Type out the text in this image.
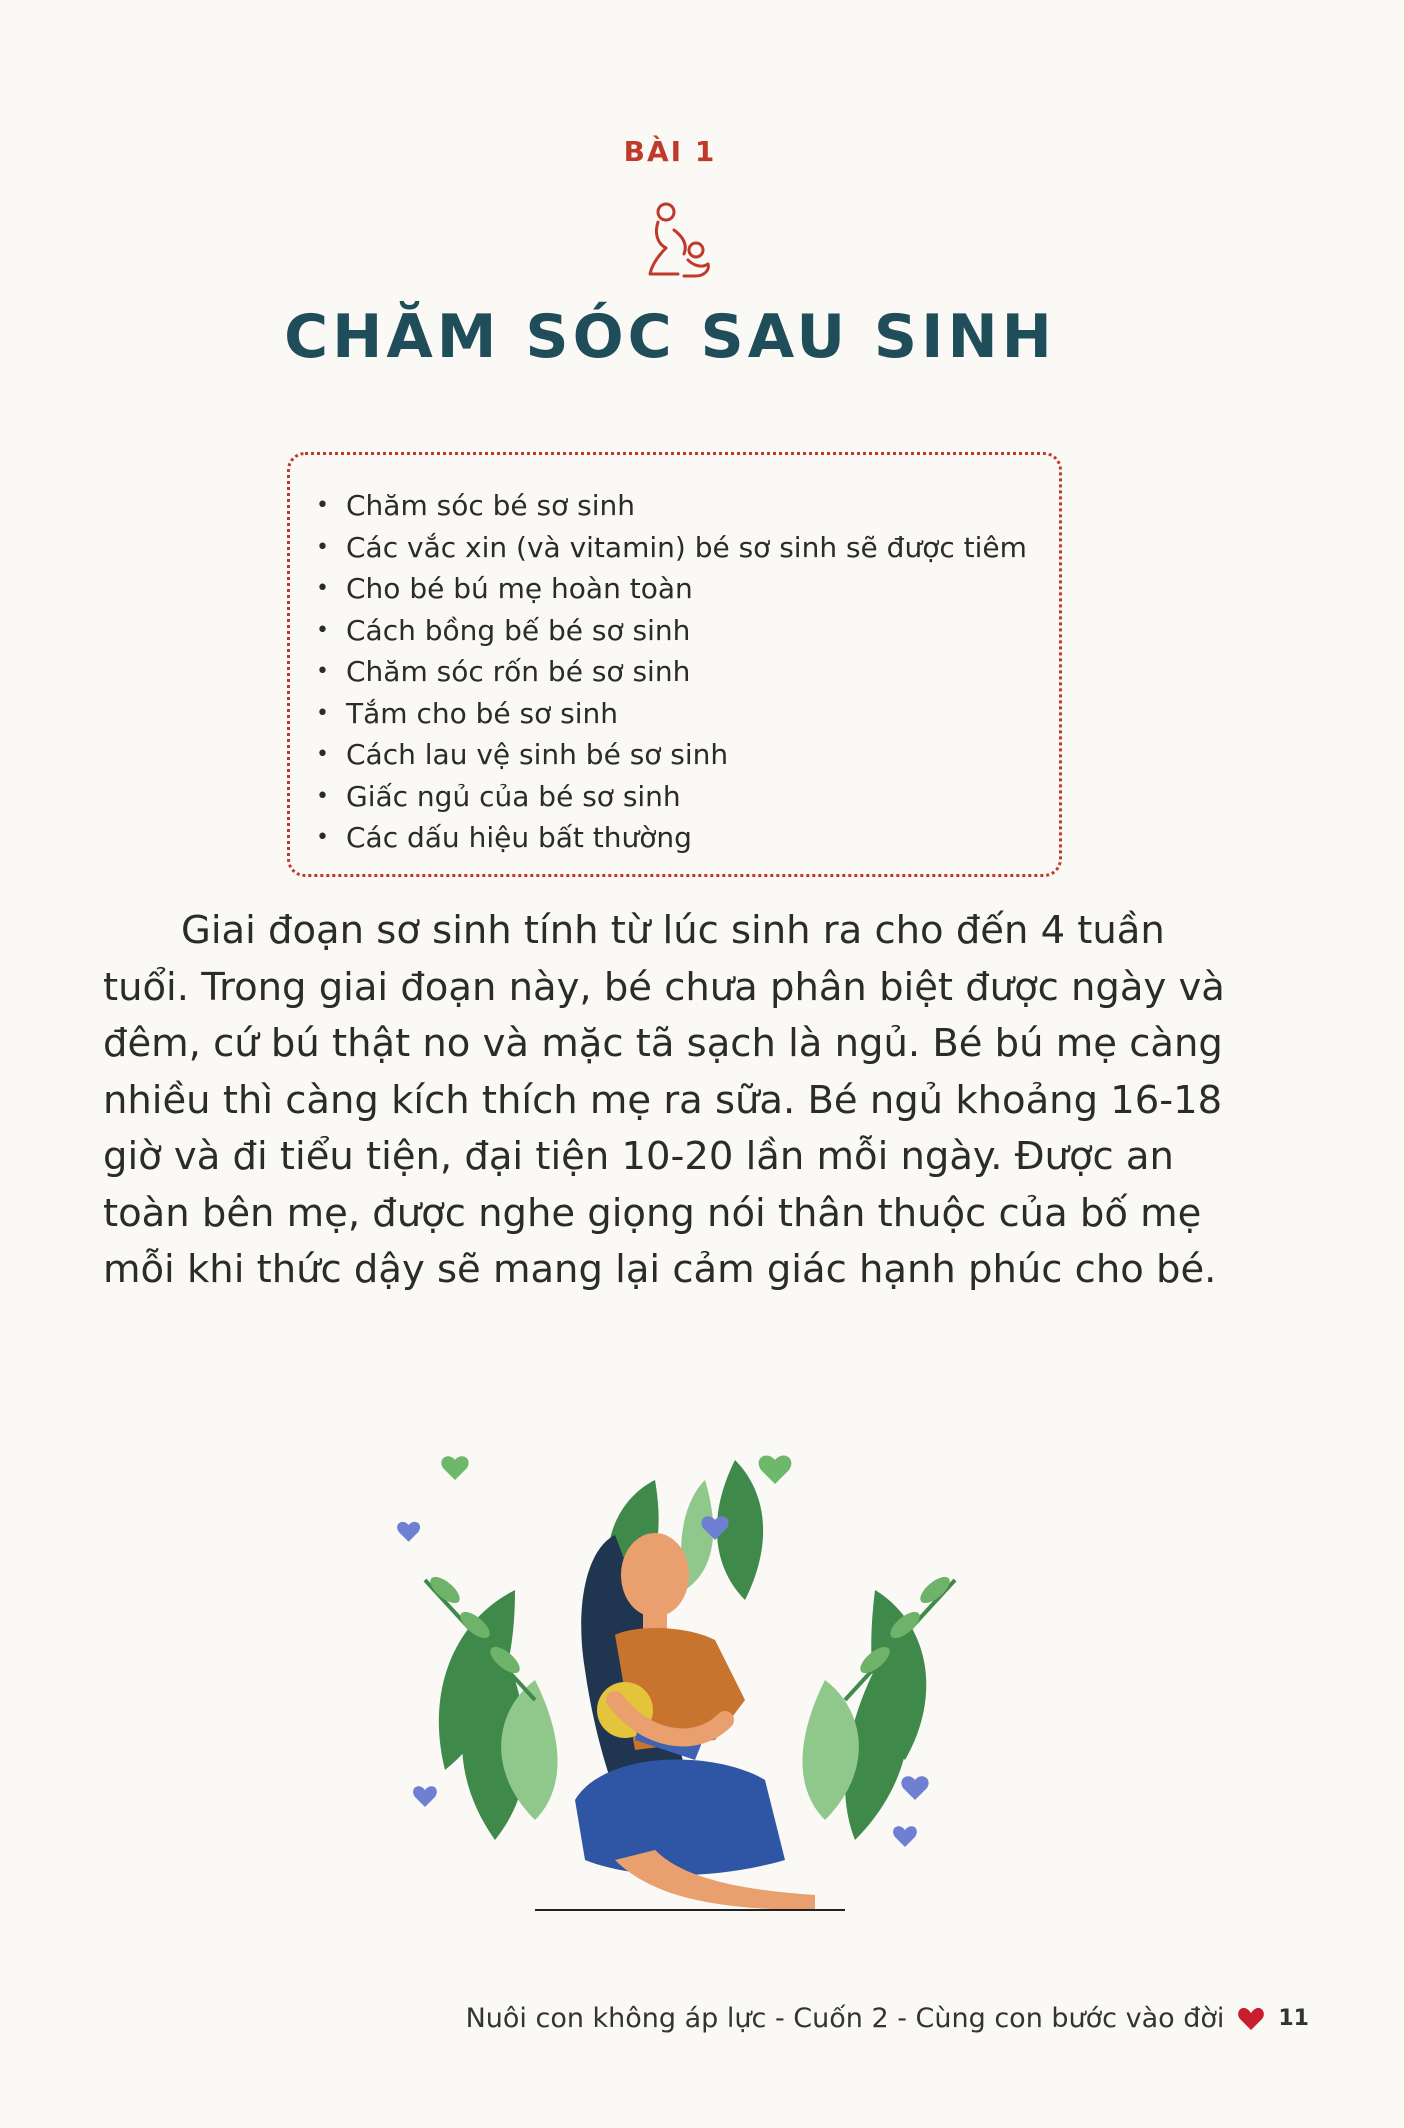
BÀI 1
CHĂM SÓC SAU SINH
• Chăm sóc bé sơ sinh
• Các vắc xin (và vitamin) bé sơ sinh sẽ được tiêm
• Cho bé bú mẹ hoàn toàn
• Cách bồng bế bé sơ sinh
• Chăm sóc rốn bé sơ sinh
• Tắm cho bé sơ sinh
• Cách lau vệ sinh bé sơ sinh
• Giấc ngủ của bé sơ sinh
• Các dấu hiệu bất thường

Giai đoạn sơ sinh tính từ lúc sinh ra cho đến 4 tuần tuổi. Trong giai đoạn này, bé chưa phân biệt được ngày và đêm, cứ bú thật no và mặc tã sạch là ngủ. Bé bú mẹ càng nhiều thì càng kích thích mẹ ra sữa. Bé ngủ khoảng 16-18 giờ và đi tiểu tiện, đại tiện 10-20 lần mỗi ngày. Được an toàn bên mẹ, được nghe giọng nói thân thuộc của bố mẹ mỗi khi thức dậy sẽ mang lại cảm giác hạnh phúc cho bé.

Nuôi con không áp lực - Cuốn 2 - Cùng con bước vào đời 11
